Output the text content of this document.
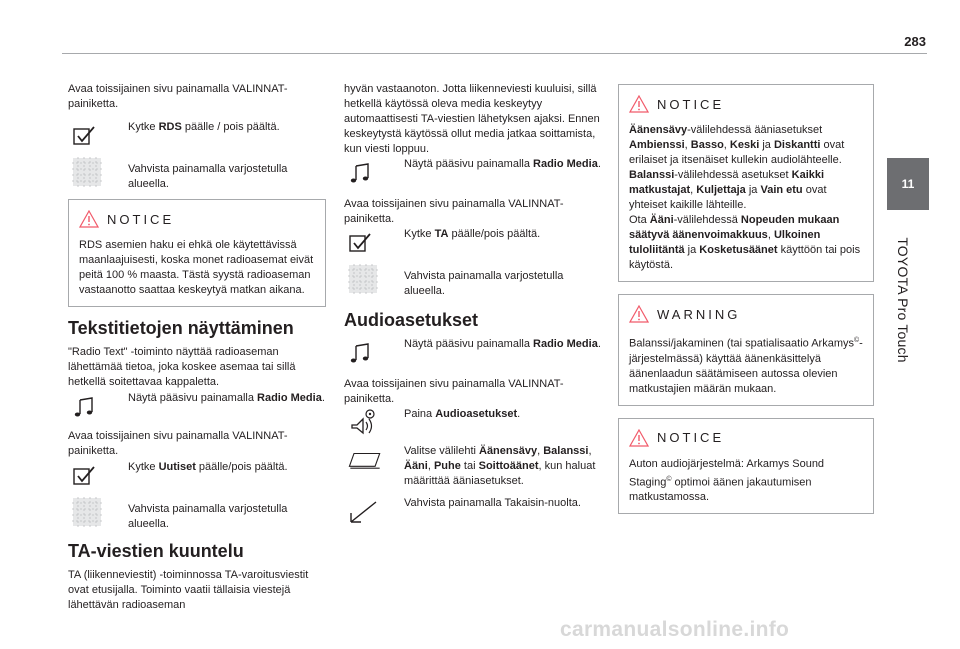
283
11
TOYOTA Pro Touch

Avaa toissijainen sivu painamalla VALINNAT-painiketta.

Kytke RDS päälle / pois päältä.
Vahvista painamalla varjostetulla alueella.
NOTICE

RDS asemien haku ei ehkä ole käytettävissä maanlaajuisesti, koska monet radioasemat eivät peitä 100 % maasta. Tästä syystä radioaseman vastaanotto saattaa keskeytyä matkan aikana.

Tekstitietojen näyttäminen

"Radio Text" -toiminto näyttää radioaseman lähettämää tietoa, joka koskee asemaa tai sillä hetkellä soitettavaa kappaletta.

Näytä pääsivu painamalla Radio Media.

Avaa toissijainen sivu painamalla VALINNAT-painiketta.

Kytke Uutiset päälle/pois päältä.
Vahvista painamalla varjostetulla alueella.
TA-viestien kuuntelu

TA (liikenneviestit) -toiminnossa TA-varoitusviestit ovat etusijalla. Toiminto vaatii tällaisia viestejä lähettävän radioaseman

hyvän vastaanoton. Jotta liikenneviesti kuuluisi, sillä hetkellä käytössä oleva media keskeytyy automaattisesti TA-viestien lähetyksen ajaksi. Ennen keskeytystä käytössä ollut media jatkaa soittamista, kun viesti loppuu.

Näytä pääsivu painamalla Radio Media.

Avaa toissijainen sivu painamalla VALINNAT-painiketta.

Kytke TA päälle/pois päältä.
Vahvista painamalla varjostetulla alueella.
Audioasetukset
Näytä pääsivu painamalla Radio Media.

Avaa toissijainen sivu painamalla VALINNAT-painiketta.

Paina Audioasetukset.
Valitse välilehti Äänensävy, Balanssi, Ääni, Puhe tai Soittoäänet, kun haluat määrittää ääniasetukset.
Vahvista painamalla Takaisin-nuolta.
NOTICE

Äänensävy-välilehdessä ääniasetukset Ambienssi, Basso, Keski ja Diskantti ovat erilaiset ja itsenäiset kullekin audiolähteelle.

Balanssi-välilehdessä asetukset Kaikki matkustajat, Kuljettaja ja Vain etu ovat yhteiset kaikille lähteille.

Ota Ääni-välilehdessä Nopeuden mukaan säätyvä äänenvoimakkuus, Ulkoinen tuloliitäntä ja Kosketusäänet käyttöön tai pois käytöstä.

WARNING

Balanssi/jakaminen (tai spatialisaatio Arkamys©-järjestelmässä) käyttää äänenkäsittelyä äänenlaadun säätämiseen autossa olevien matkustajien määrän mukaan.

NOTICE

Auton audiojärjestelmä: Arkamys Sound Staging© optimoi äänen jakautumisen matkustamossa.

carmanualsonline.info
